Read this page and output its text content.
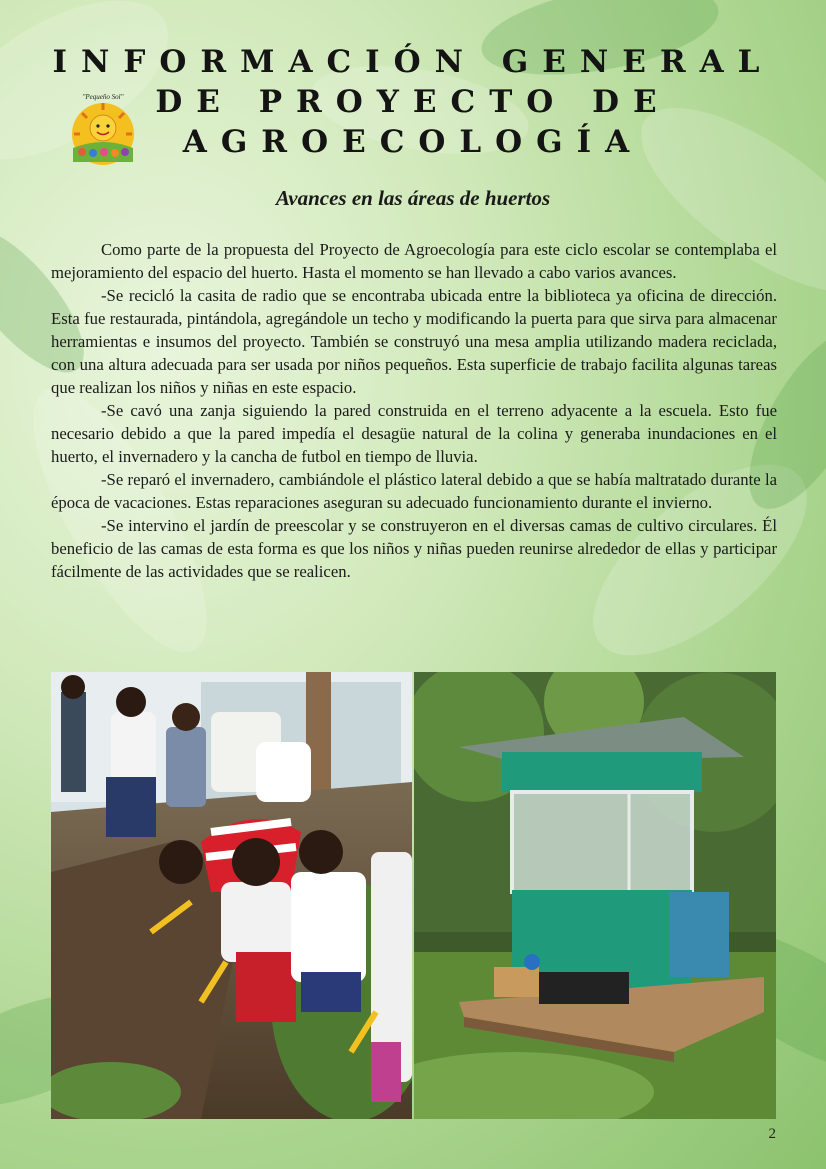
INFORMACIÓN GENERAL
DE PROYECTO DE
AGROECOLOGÍA
"Pequeño Sol"
Avances en las áreas de huertos

Como parte de la propuesta del Proyecto de Agroecología para este ciclo escolar se contemplaba el mejoramiento del espacio del huerto. Hasta el momento se han llevado a cabo varios avances.

-Se recicló la casita de radio que se encontraba ubicada entre la biblioteca ya oficina de dirección. Esta fue restaurada, pintándola, agregándole un techo y modificando la puerta para que sirva para almacenar herramientas e insumos del proyecto. También se construyó una mesa amplia utilizando madera reciclada, con una altura adecuada para ser usada por niños pequeños. Esta superficie de trabajo facilita algunas tareas que realizan los niños y niñas en este espacio.

-Se cavó una zanja siguiendo la pared construida en el terreno adyacente a la escuela. Esto fue necesario debido a que la pared impedía el desagüe natural de la colina y generaba inundaciones en el huerto, el invernadero y la cancha de futbol en tiempo de lluvia.

-Se reparó el invernadero, cambiándole el plástico lateral debido a que se había maltratado durante la época de vacaciones. Estas reparaciones aseguran su adecuado funcionamiento durante el invierno.

-Se intervino el jardín de preescolar y se construyeron en el diversas camas de cultivo circulares. Él beneficio de las camas de esta forma es que los niños y niñas pueden reunirse alrededor de ellas y participar fácilmente de las actividades que se realicen.

2
